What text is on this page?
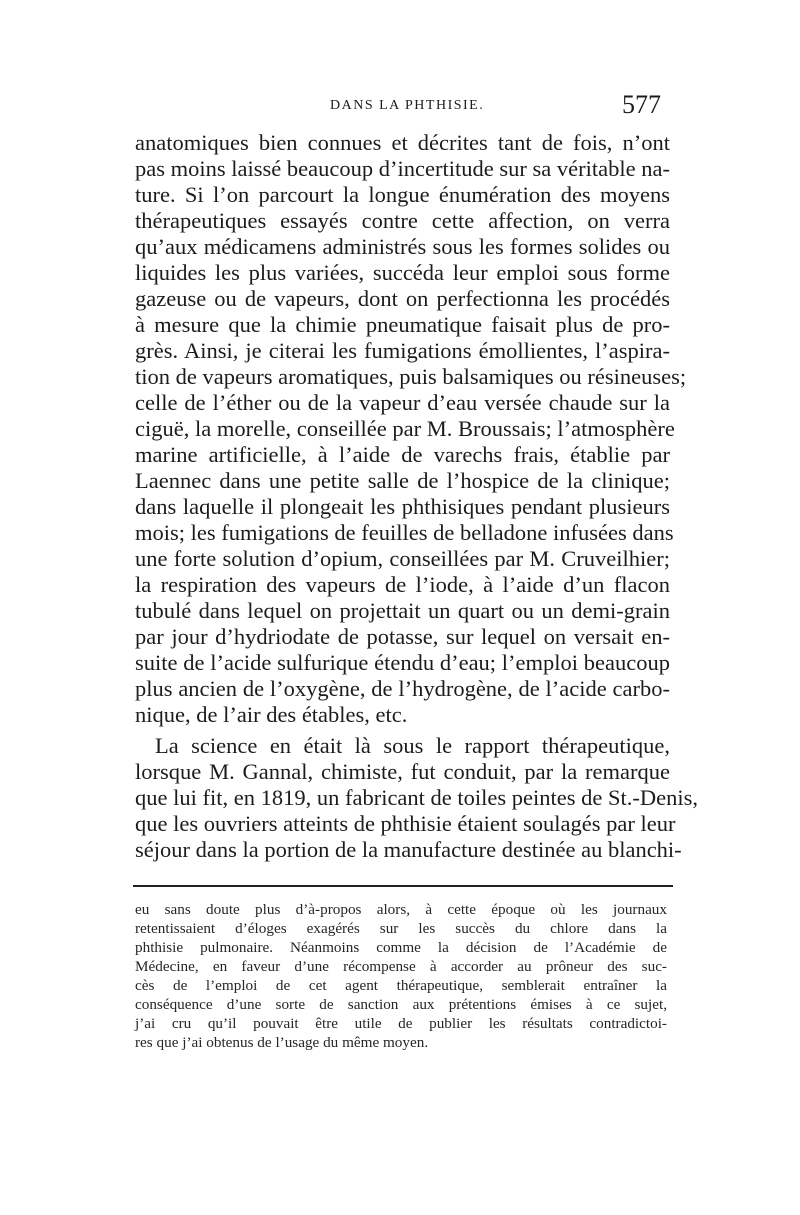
DANS LA PHTHISIE.	577
anatomiques bien connues et décrites tant de fois, n’ont
pas moins laissé beaucoup d’incertitude sur sa véritable na-
ture. Si l’on parcourt la longue énumération des moyens
thérapeutiques essayés contre cette affection, on verra
qu’aux médicamens administrés sous les formes solides ou
liquides les plus variées, succéda leur emploi sous forme
gazeuse ou de vapeurs, dont on perfectionna les procédés
à mesure que la chimie pneumatique faisait plus de pro-
grès. Ainsi, je citerai les fumigations émollientes, l’aspira-
tion de vapeurs aromatiques, puis balsamiques ou résineuses;
celle de l’éther ou de la vapeur d’eau versée chaude sur la
ciguë, la morelle, conseillée par M. Broussais; l’atmosphère
marine artificielle, à l’aide de varechs frais, établie par
Laennec dans une petite salle de l’hospice de la clinique;
dans laquelle il plongeait les phthisiques pendant plusieurs
mois; les fumigations de feuilles de belladone infusées dans
une forte solution d’opium, conseillées par M. Cruveilhier;
la respiration des vapeurs de l’iode, à l’aide d’un flacon
tubulé dans lequel on projettait un quart ou un demi-grain
par jour d’hydriodate de potasse, sur lequel on versait en-
suite de l’acide sulfurique étendu d’eau; l’emploi beaucoup
plus ancien de l’oxygène, de l’hydrogène, de l’acide carbo-
nique, de l’air des étables, etc.
La science en était là sous le rapport thérapeutique,
lorsque M. Gannal, chimiste, fut conduit, par la remarque
que lui fit, en 1819, un fabricant de toiles peintes de St.-Denis,
que les ouvriers atteints de phthisie étaient soulagés par leur
séjour dans la portion de la manufacture destinée au blanchi-
eu sans doute plus d’à-propos alors, à cette époque où les journaux
retentissaient d’éloges exagérés sur les succès du chlore dans la
phthisie pulmonaire. Néanmoins comme la décision de l’Académie de
Médecine, en faveur d’une récompense à accorder au prôneur des suc-
cès de l’emploi de cet agent thérapeutique, semblerait entraîner la
conséquence d’une sorte de sanction aux prétentions émises à ce sujet,
j’ai cru qu’il pouvait être utile de publier les résultats contradictoi-
res que j’ai obtenus de l’usage du même moyen.
